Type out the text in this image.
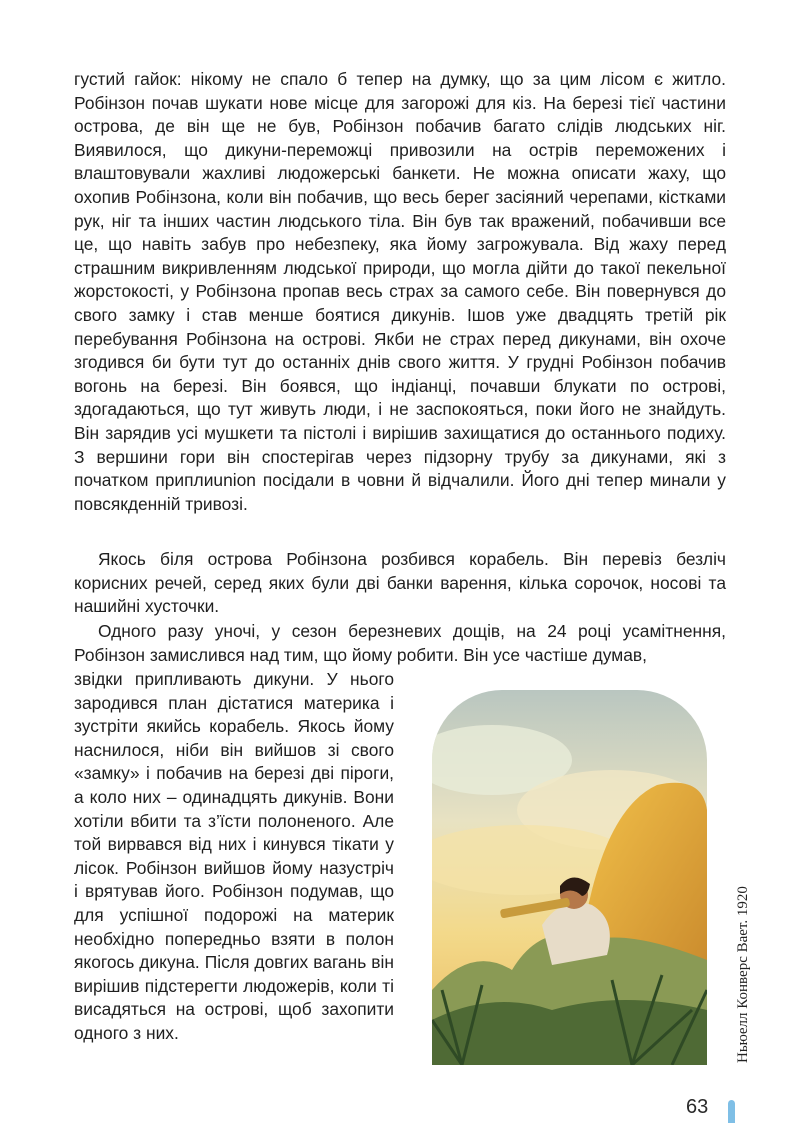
густий гайок: нікому не спало б тепер на думку, що за цим лісом є житло. Робінзон почав шукати нове місце для загорожі для кіз. На березі тієї частини острова, де він ще не був, Робінзон побачив багато слідів людських ніг. Виявилося, що дикуни-переможці привозили на острів переможених і влаштовували жахливі людожерські банкети. Не можна описати жаху, що охопив Робінзона, коли він побачив, що весь берег засіяний черепами, кістками рук, ніг та інших частин людського тіла. Він був так вражений, побачивши все це, що навіть забув про небезпеку, яка йому загрожувала. Від жаху перед страшним викривленням людської природи, що могла дійти до такої пекельної жорстокості, у Робінзона пропав весь страх за самого себе. Він повернувся до свого замку і став менше боятися дикунів. Ішов уже двадцять третій рік перебування Робінзона на острові. Якби не страх перед дикунами, він охоче згодився би бути тут до останніх днів свого життя. У грудні Робінзон побачив вогонь на березі. Він боявся, що індіанці, почавши блукати по острові, здогадаються, що тут живуть люди, і не заспокояться, поки його не знайдуть. Він зарядив усі мушкети та пістолі і вирішив захищатися до останнього подиху. З вершини гори він спостерігав через підзорну трубу за дикунами, які з початком приплиunion посідали в човни й відчалили. Його дні тепер минали у повсякденній тривозі.

Якось біля острова Робінзона розбився корабель. Він перевіз безліч корисних речей, серед яких були дві банки варення, кілька сорочок, носові та нашийні хусточки.

Одного разу уночі, у сезон березневих дощів, на 24 році усамітнення, Робінзон замислився над тим, що йому робити. Він усе частіше думав,

звідки припливають дикуни. У нього зародився план дістатися материка і зустріти якийсь корабель. Якось йому наснилося, ніби він вийшов зі свого «замку» і побачив на березі дві піроги, а коло них – одинадцять дикунів. Вони хотіли вбити та з’їсти полоненого. Але той вирвався від них і кинувся тікати у лісок. Робінзон вийшов йому назустріч і врятував його. Робінзон подумав, що для успішної подорожі на материк необхідно попередньо взяти в полон якогось дикуна. Після довгих вагань він вирішив підстерегти людожерів, коли ті висадяться на острові, щоб захопити одного з них.	Ньюелл Конверс Вает. 1920
63
